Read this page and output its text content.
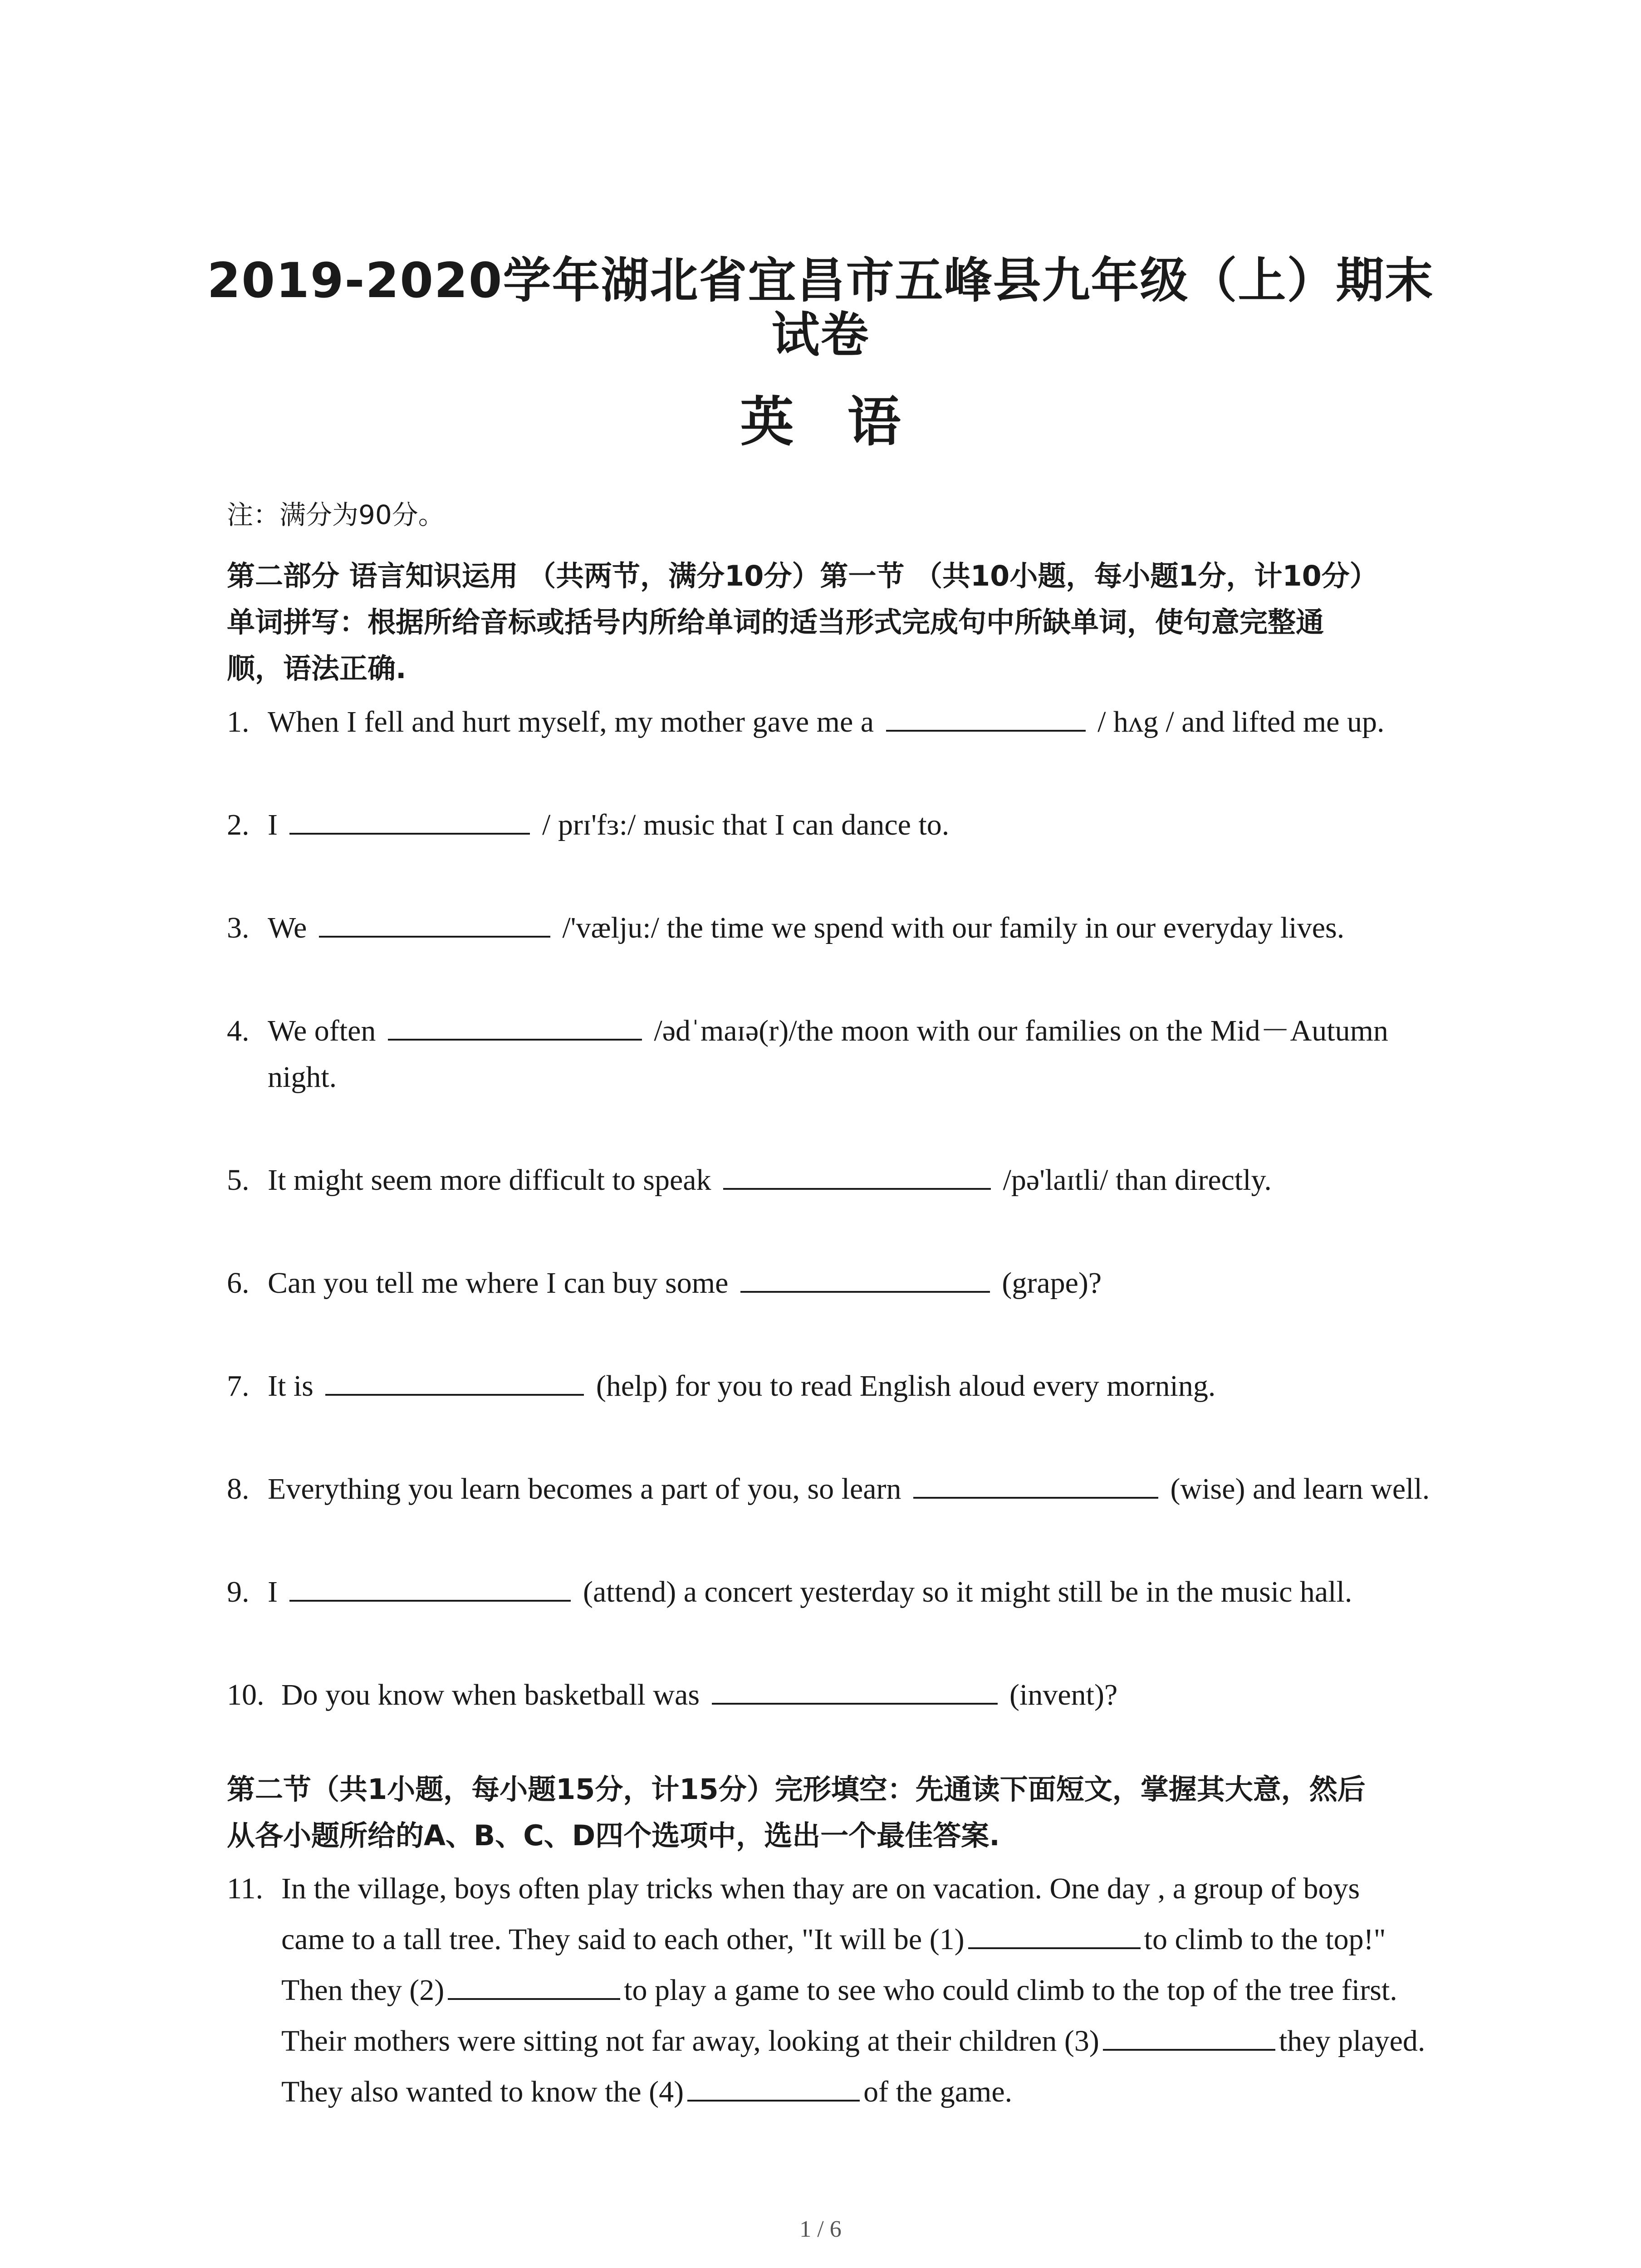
2019-2020学年湖北省宜昌市五峰县九年级（上）期末
试卷
英　语
注：满分为90分。
第二部分 语言知识运用 （共两节，满分10分）第一节 （共10小题，每小题1分，计10分）
单词拼写：根据所给音标或括号内所给单词的适当形式完成句中所缺单词，使句意完整通
顺，语法正确.
1. When I fell and hurt myself, my mother gave me a	/ hʌg / and lifted me up.
2. I	/ prɪ'fɜ:/ music that I can dance to.
3. We	/'vælju:/ the time we spend with our family in our everyday lives.
4. We often	/ədˈmaɪə(r)/the moon with our families on the Mid－Autumn
night.
5. It might seem more difficult to speak	/pə'laɪtli/ than directly.
6. Can you tell me where I can buy some	(grape)?
7. It is	(help) for you to read English aloud every morning.
8. Everything you learn becomes a part of you, so learn	(wise) and learn well.
9. I	(attend) a concert yesterday so it might still be in the music hall.
10. Do you know when basketball was	(invent)?
第二节（共1小题，每小题15分，计15分）完形填空：先通读下面短文，掌握其大意，然后
从各小题所给的A、B、C、D四个选项中，选出一个最佳答案.
11. In the village, boys often play tricks when thay are on vacation. One day , a group of boys
came to a tall tree. They said to each other, "It will be (1)	to climb to the top!"
Then they (2)	to play a game to see who could climb to the top of the tree first.
Their mothers were sitting not far away, looking at their children (3)	they played.
They also wanted to know the (4)	of the game.
1 / 6
